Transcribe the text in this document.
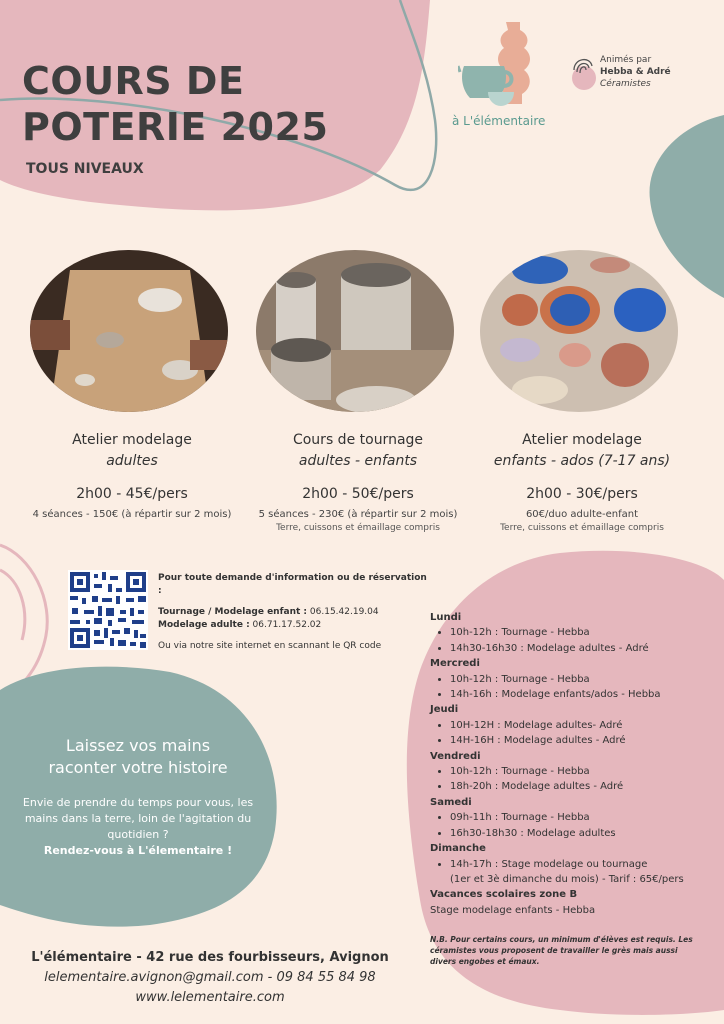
COURS DE
POTERIE 2025
TOUS NIVEAUX
à L'élémentaire
Animés par
Hebba & Adré
Céramistes
Atelier modelage
adultes
2h00 - 45€/pers
4 séances - 150€ (à répartir sur 2 mois)
Cours de tournage
adultes - enfants
2h00 - 50€/pers
5 séances - 230€ (à répartir sur 2 mois)
Terre, cuissons et émaillage compris
Atelier modelage
enfants - ados (7-17 ans)
2h00 - 30€/pers
60€/duo adulte-enfant
Terre, cuissons et émaillage compris
Pour toute demande d'information ou de réservation :
Tournage / Modelage enfant : 06.15.42.19.04
Modelage adulte : 06.71.17.52.02
Ou via notre site internet en scannant le QR code
Lundi
• 10h-12h : Tournage - Hebba
• 14h30-16h30 : Modelage adultes - Adré
Mercredi
• 10h-12h : Tournage - Hebba
• 14h-16h : Modelage enfants/ados - Hebba
Jeudi
• 10H-12H : Modelage adultes- Adré
• 14H-16H : Modelage adultes - Adré
Vendredi
• 10h-12h : Tournage - Hebba
• 18h-20h : Modelage adultes - Adré
Samedi
• 09h-11h : Tournage - Hebba
• 16h30-18h30 : Modelage adultes
Dimanche
• 14h-17h : Stage modelage ou tournage
(1er et 3è dimanche du mois) - Tarif : 65€/pers
Vacances scolaires zone B
Stage modelage enfants - Hebba
N.B. Pour certains cours, un minimum d'élèves est requis. Les céramistes vous proposent de travailler le grès mais aussi divers engobes et émaux.
Laissez vos mains
raconter votre histoire
Envie de prendre du temps pour vous, les mains dans la terre, loin de l'agitation du quotidien ?
Rendez-vous à L'élementaire !
L'élémentaire - 42 rue des fourbisseurs, Avignon
lelementaire.avignon@gmail.com - 09 84 55 84 98
www.lelementaire.com
